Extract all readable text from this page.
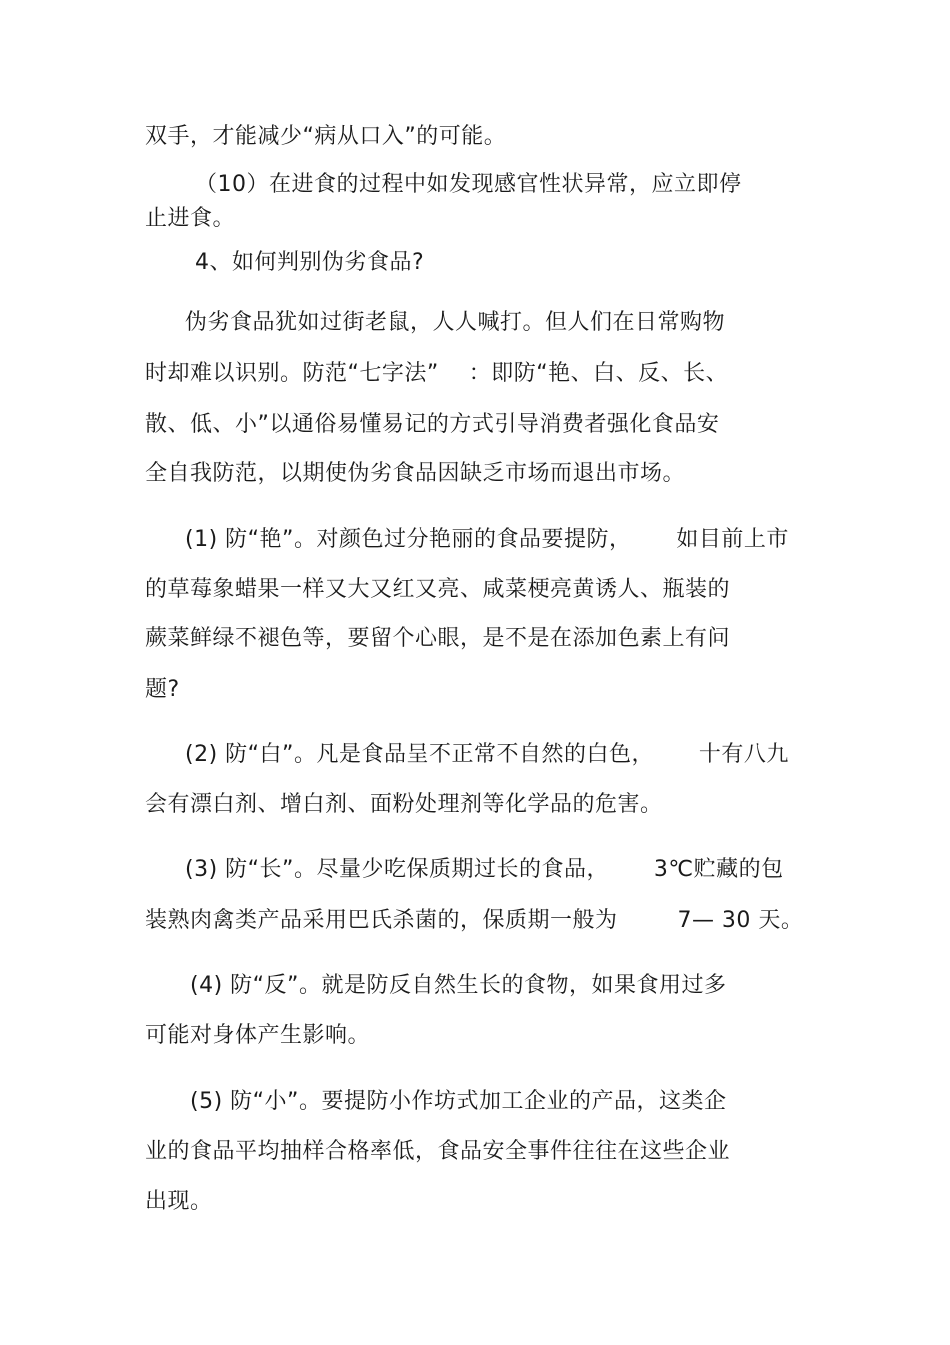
双手，才能减少“病从口入”的可能。
（10）在进食的过程中如发现感官性状异常，应立即停
止进食。
4、如何判别伪劣食品?
伪劣食品犹如过街老鼠，人人喊打。但人们在日常购物
时却难以识别。防范“七字法”    ：即防“艳、白、反、长、
散、低、小”以通俗易懂易记的方式引导消费者强化食品安
全自我防范，以期使伪劣食品因缺乏市场而退出市场。
(1) 防“艳”。对颜色过分艳丽的食品要提防，      如目前上市
的草莓象蜡果一样又大又红又亮、咸菜梗亮黄诱人、瓶装的
蕨菜鲜绿不褪色等，要留个心眼，是不是在添加色素上有问
题?
(2) 防“白”。凡是食品呈不正常不自然的白色，      十有八九
会有漂白剂、增白剂、面粉处理剂等化学品的危害。
(3) 防“长”。尽量少吃保质期过长的食品，      3℃贮藏的包
装熟肉禽类产品采用巴氏杀菌的，保质期一般为        7— 30 天。
(4) 防“反”。就是防反自然生长的食物，如果食用过多
可能对身体产生影响。
(5) 防“小”。要提防小作坊式加工企业的产品，这类企
业的食品平均抽样合格率低，食品安全事件往往在这些企业
出现。
